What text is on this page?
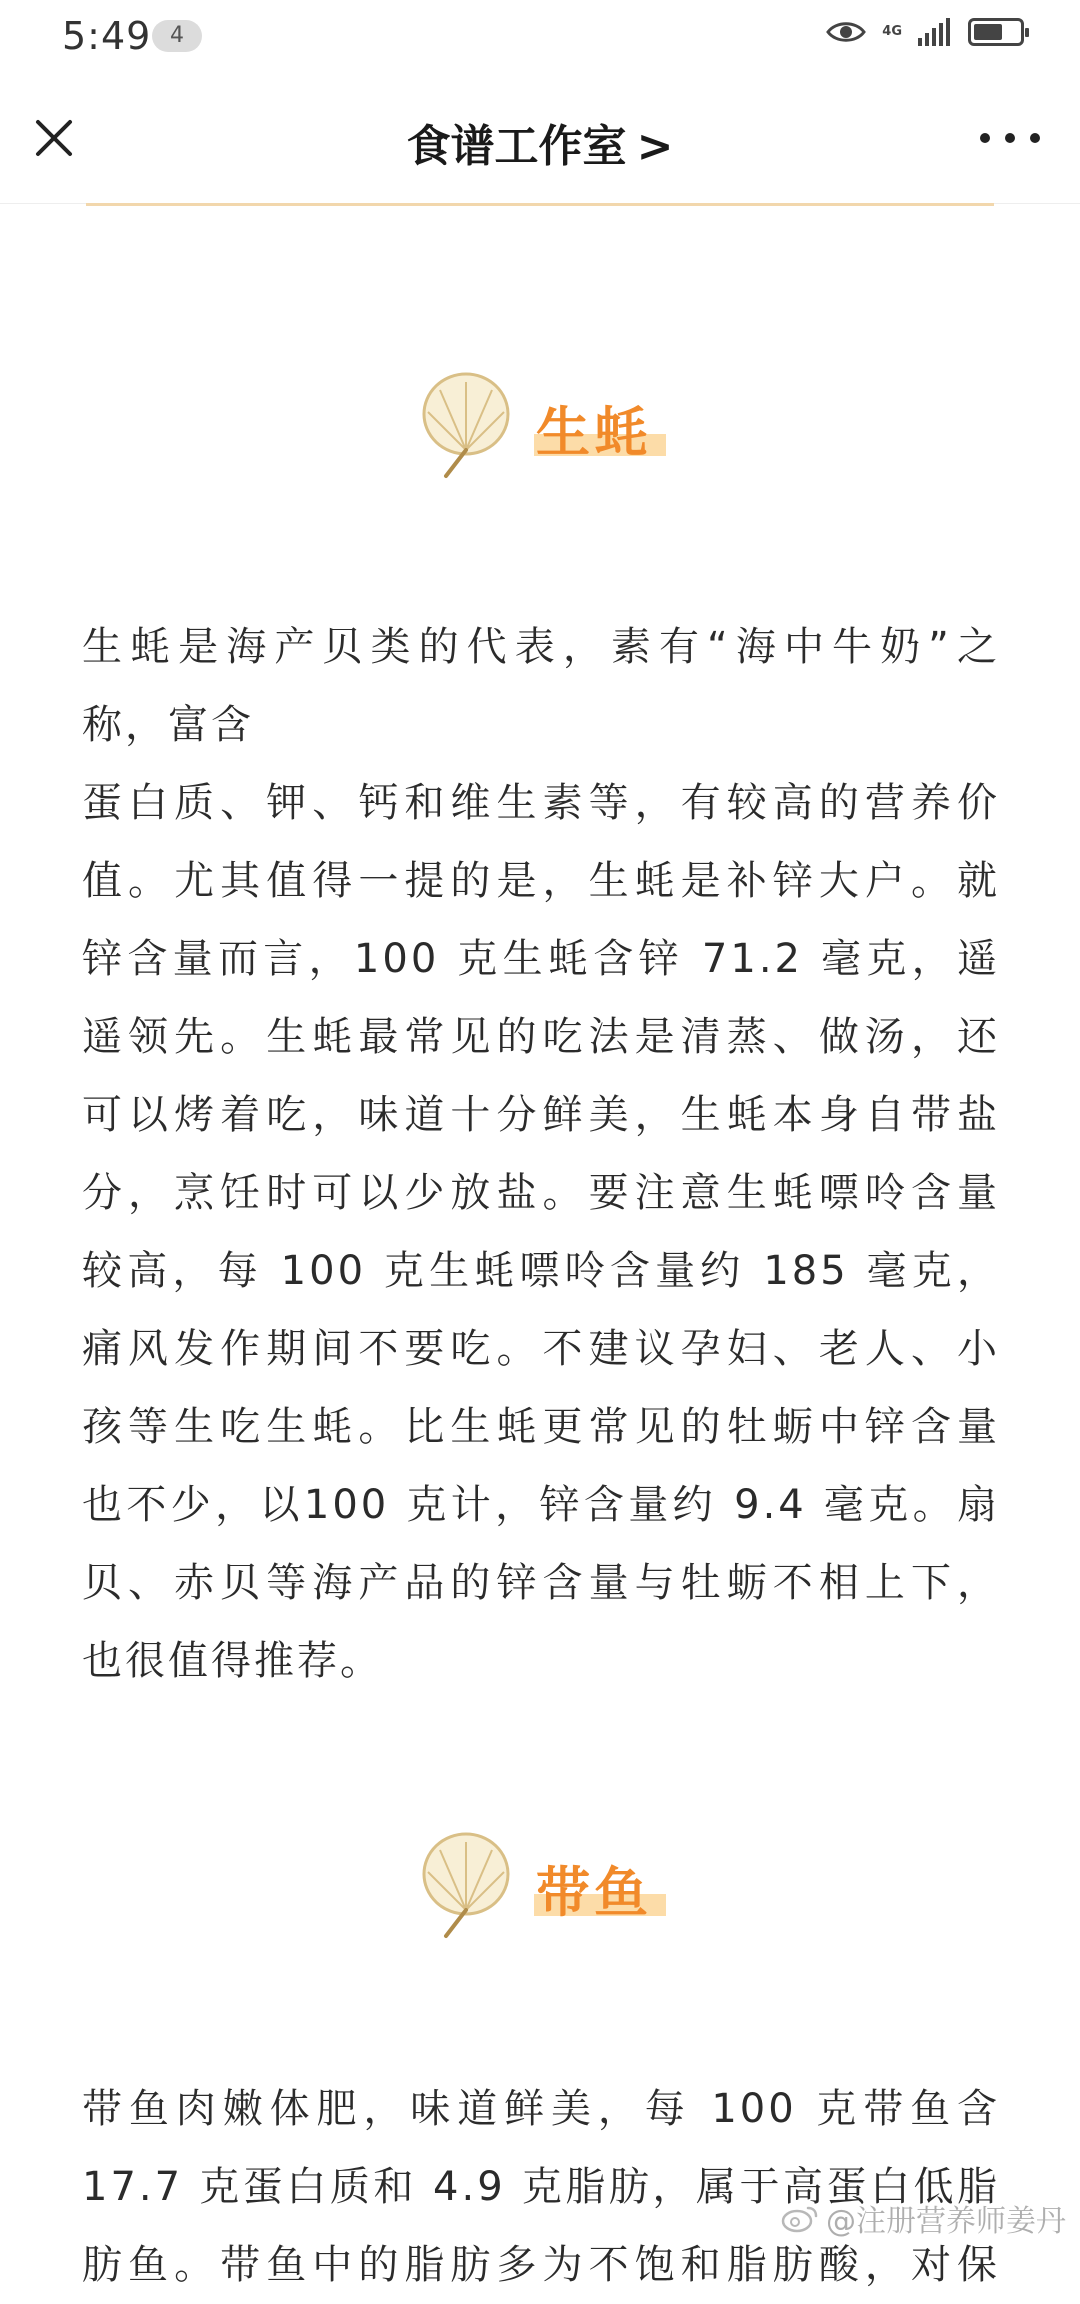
5:49 4	4G
食谱工作室 >
生蚝
生蚝是海产贝类的代表，素有“海中牛奶”之
称，富含
蛋白质、钾、钙和维生素等，有较高的营养价
值。尤其值得一提的是，生蚝是补锌大户。就
锌含量而言，100 克生蚝含锌 71.2 毫克，遥
遥领先。生蚝最常见的吃法是清蒸、做汤，还
可以烤着吃，味道十分鲜美，生蚝本身自带盐
分，烹饪时可以少放盐。要注意生蚝嘌呤含量
较高，每 100 克生蚝嘌呤含量约 185 毫克，
痛风发作期间不要吃。不建议孕妇、老人、小
孩等生吃生蚝。比生蚝更常见的牡蛎中锌含量
也不少，以100 克计，锌含量约 9.4 毫克。扇
贝、赤贝等海产品的锌含量与牡蛎不相上下，
也很值得推荐。
带鱼
带鱼肉嫩体肥，味道鲜美，每 100 克带鱼含
17.7 克蛋白质和 4.9 克脂肪，属于高蛋白低脂
肪鱼。带鱼中的脂肪多为不饱和脂肪酸，对保
@注册营养师姜丹
